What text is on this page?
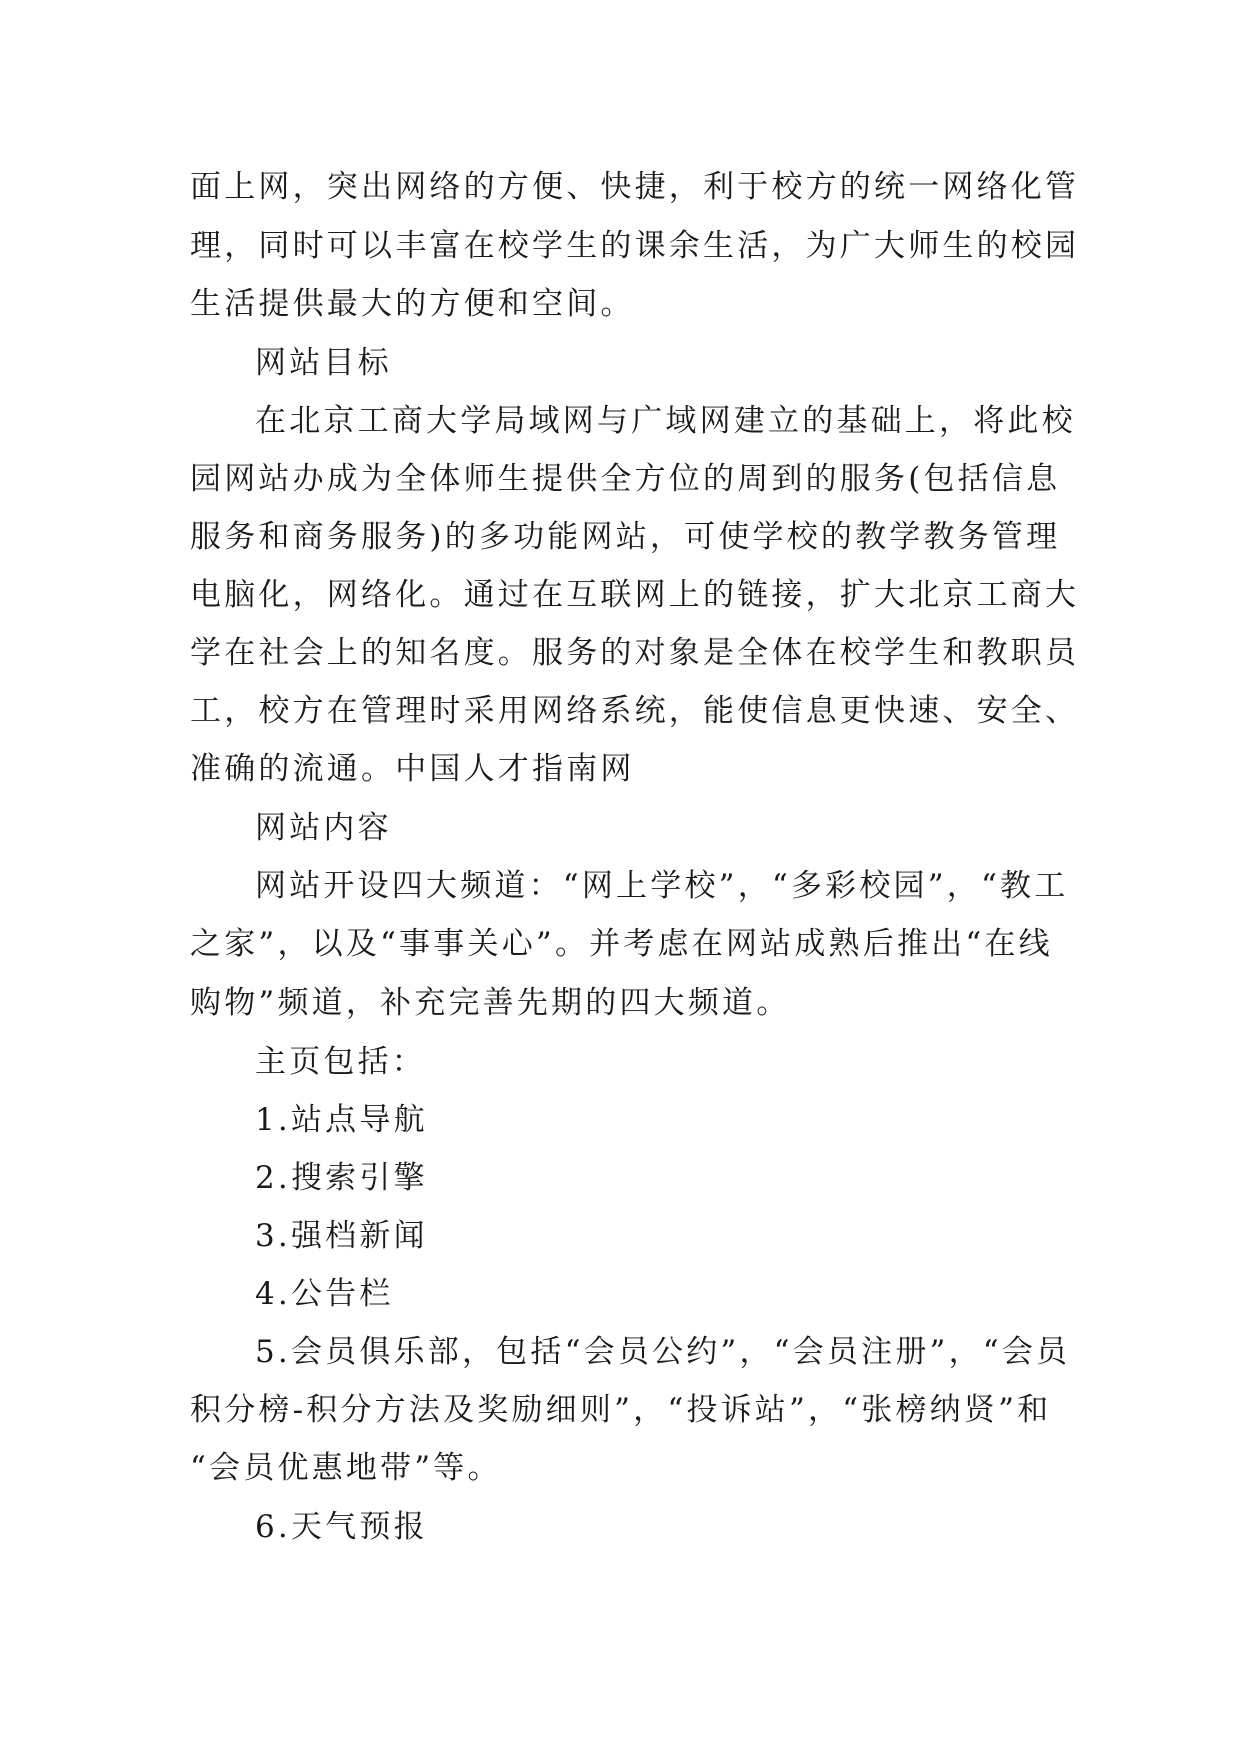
面上网，突出网络的方便、快捷，利于校方的统一网络化管
理，同时可以丰富在校学生的课余生活，为广大师生的校园
生活提供最大的方便和空间。
网站目标
在北京工商大学局域网与广域网建立的基础上，将此校
园网站办成为全体师生提供全方位的周到的服务(包括信息
服务和商务服务)的多功能网站，可使学校的教学教务管理
电脑化，网络化。通过在互联网上的链接，扩大北京工商大
学在社会上的知名度。服务的对象是全体在校学生和教职员
工，校方在管理时采用网络系统，能使信息更快速、安全、
准确的流通。中国人才指南网
网站内容
网站开设四大频道：“网上学校”，“多彩校园”，“教工
之家”，以及“事事关心”。并考虑在网站成熟后推出“在线
购物”频道，补充完善先期的四大频道。
主页包括：
1.站点导航
2.搜索引擎
3.强档新闻
4.公告栏
5.会员俱乐部，包括“会员公约”，“会员注册”，“会员
积分榜-积分方法及奖励细则”，“投诉站”，“张榜纳贤”和
“会员优惠地带”等。
6.天气预报
